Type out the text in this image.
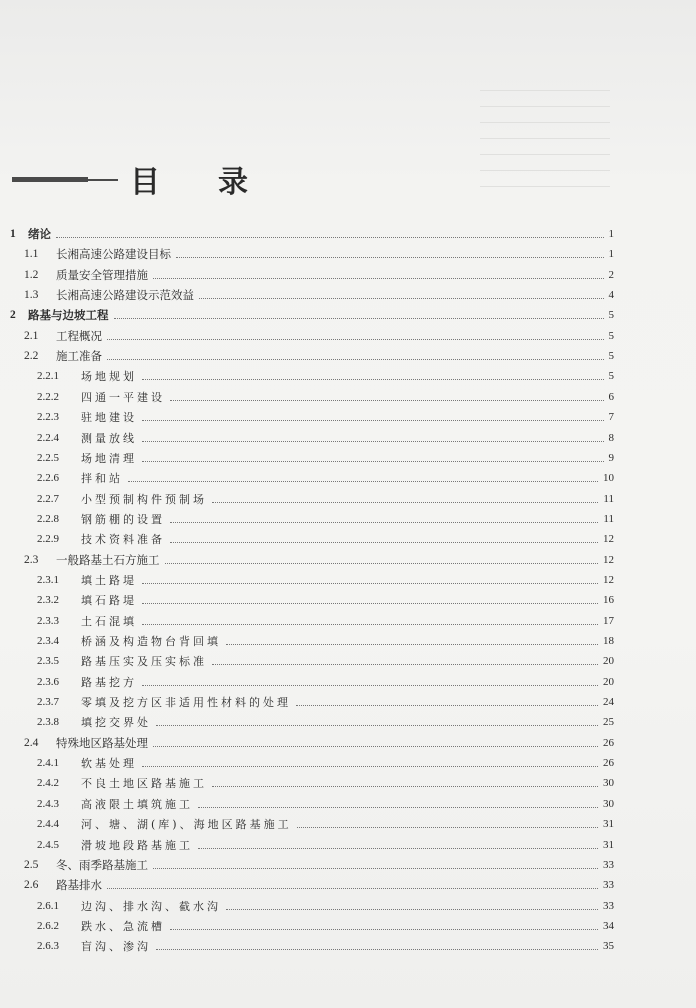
目录
1	绪论	1
1.1	长湘高速公路建设目标	1
1.2	质量安全管理措施	2
1.3	长湘高速公路建设示范效益	4
2	路基与边坡工程	5
2.1	工程概况	5
2.2	施工准备	5
2.2.1	场地规划	5
2.2.2	四通一平建设	6
2.2.3	驻地建设	7
2.2.4	测量放线	8
2.2.5	场地清理	9
2.2.6	拌和站	10
2.2.7	小型预制构件预制场	11
2.2.8	钢筋棚的设置	11
2.2.9	技术资料准备	12
2.3	一般路基土石方施工	12
2.3.1	填土路堤	12
2.3.2	填石路堤	16
2.3.3	土石混填	17
2.3.4	桥涵及构造物台背回填	18
2.3.5	路基压实及压实标准	20
2.3.6	路基挖方	20
2.3.7	零填及挖方区非适用性材料的处理	24
2.3.8	填挖交界处	25
2.4	特殊地区路基处理	26
2.4.1	软基处理	26
2.4.2	不良土地区路基施工	30
2.4.3	高液限土填筑施工	30
2.4.4	河、塘、湖(库)、海地区路基施工	31
2.4.5	滑坡地段路基施工	31
2.5	冬、雨季路基施工	33
2.6	路基排水	33
2.6.1	边沟、排水沟、截水沟	33
2.6.2	跌水、急流槽	34
2.6.3	盲沟、渗沟	35
